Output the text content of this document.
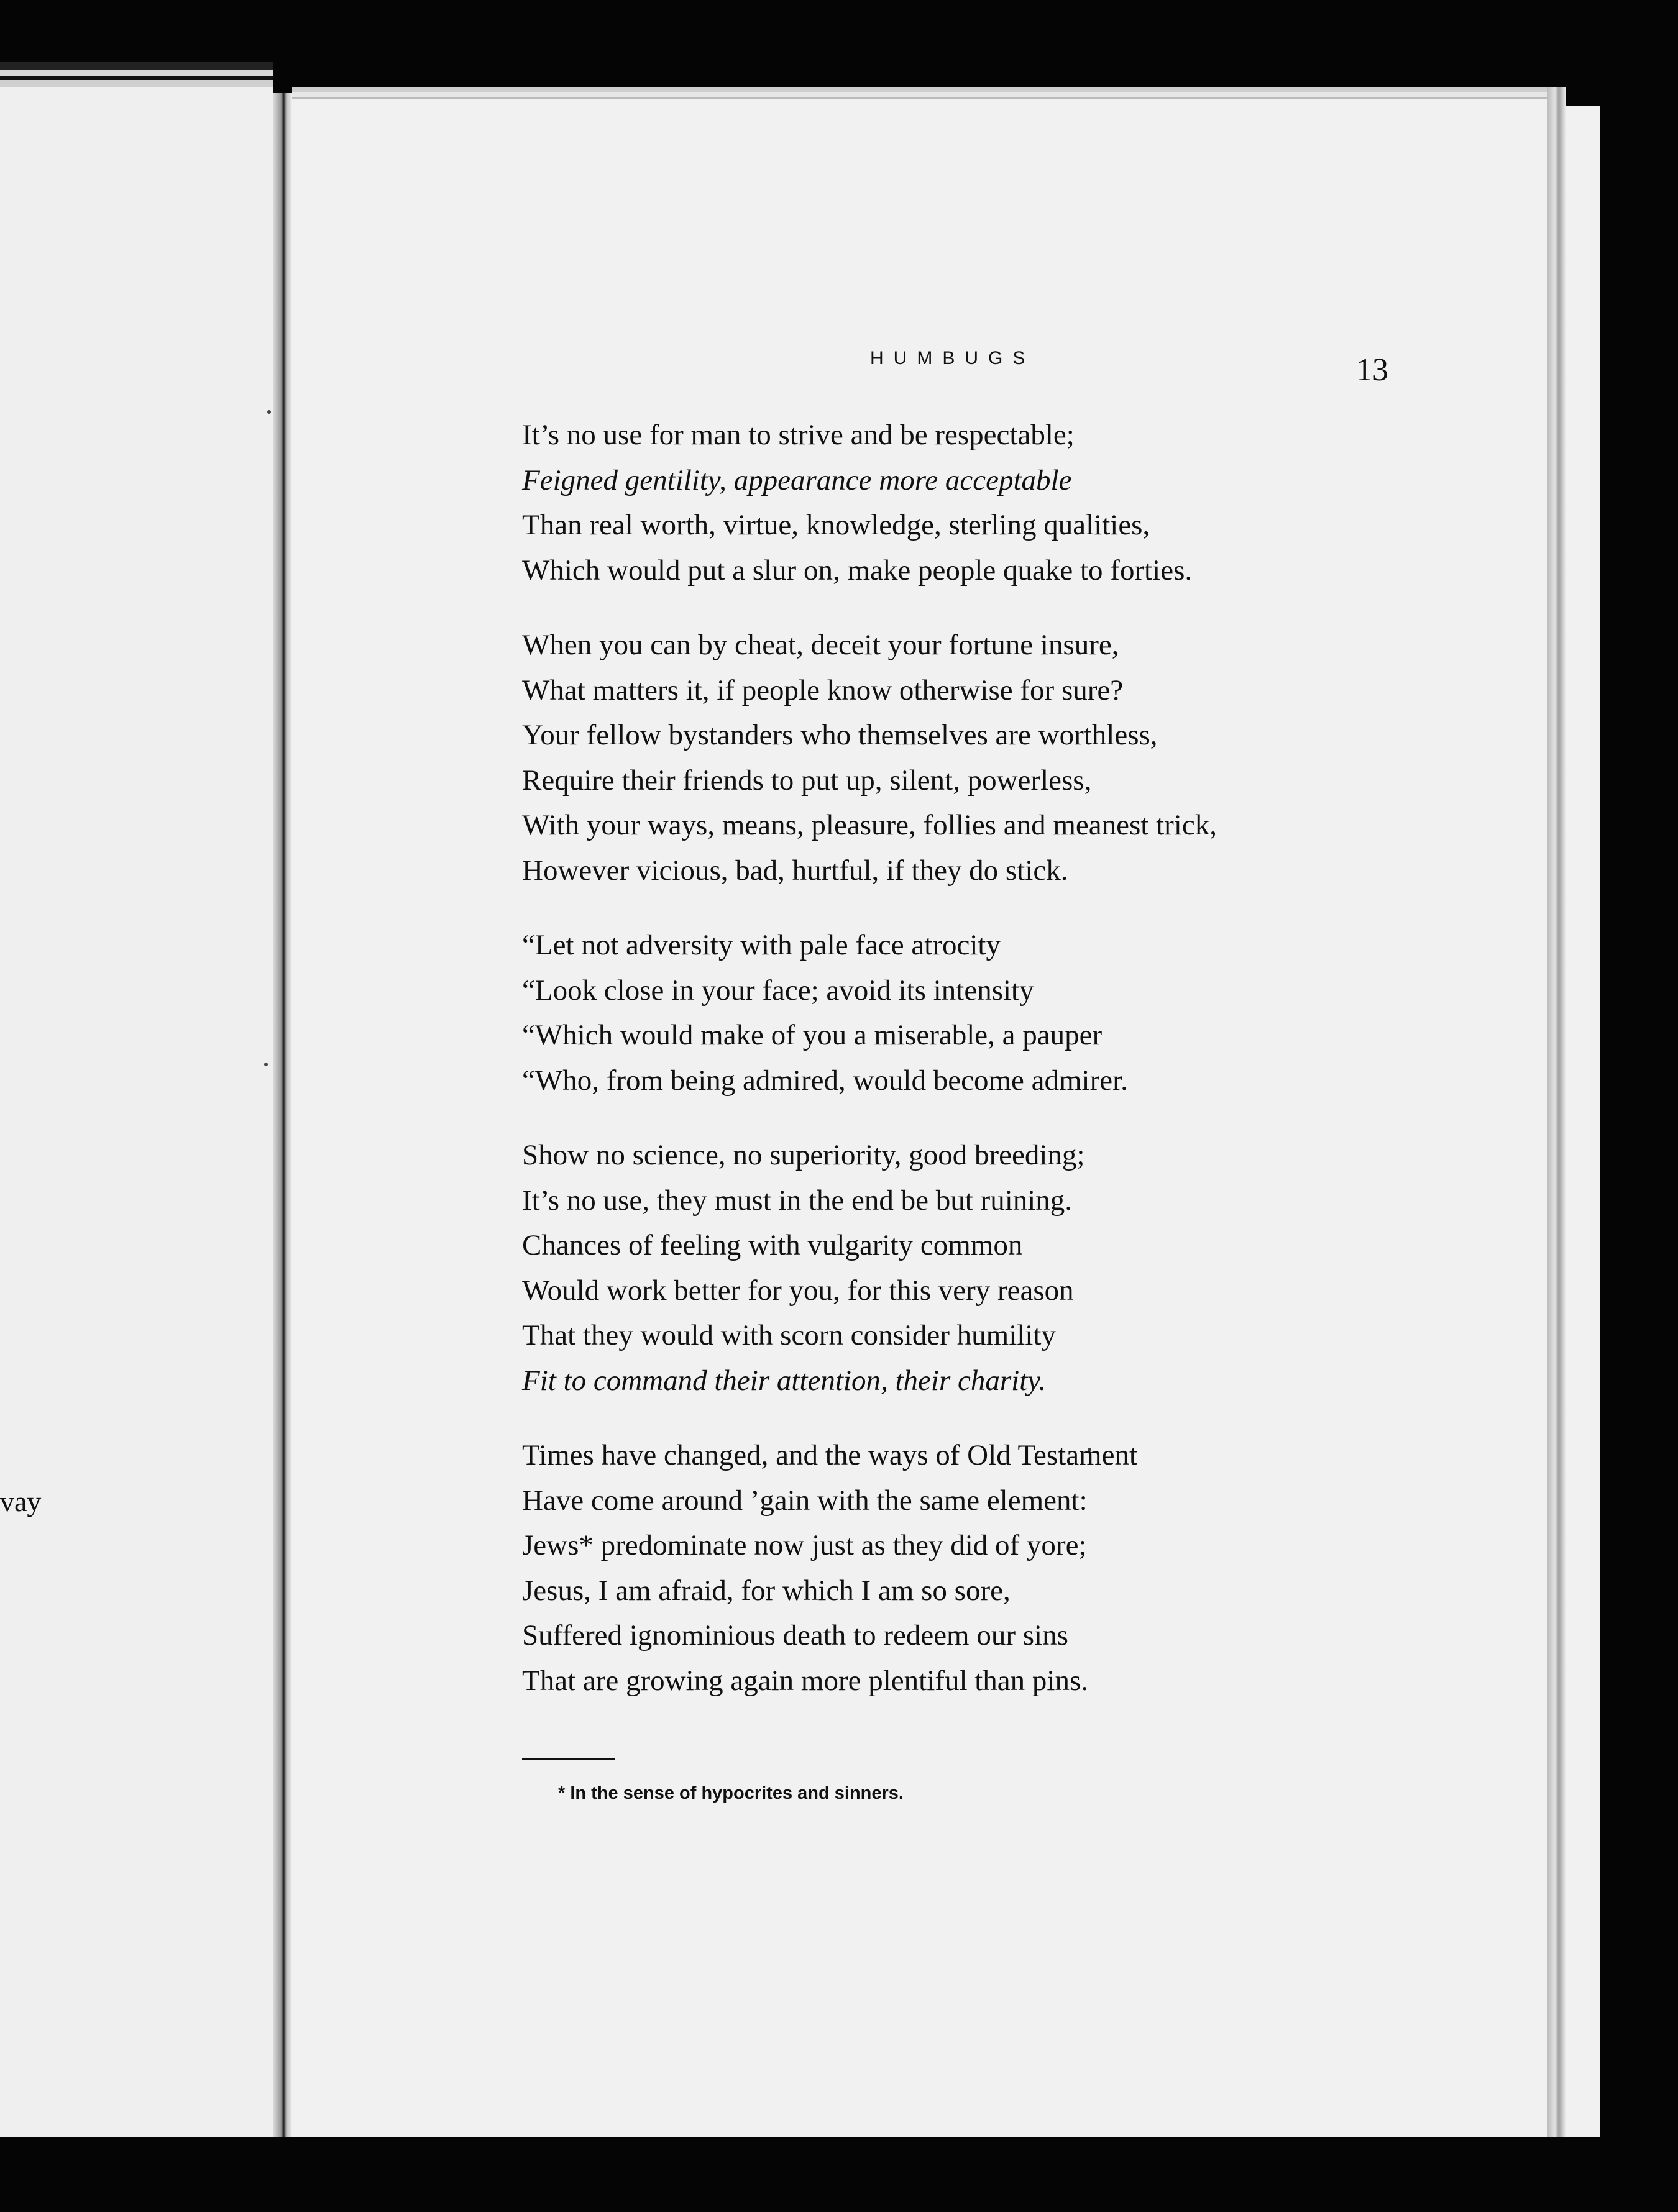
vay
HUMBUGS	13
It’s no use for man to strive and be respectable;
Feigned gentility, appearance more acceptable
Than real worth, virtue, knowledge, sterling qualities,
Which would put a slur on, make people quake to forties.
When you can by cheat, deceit your fortune insure,
What matters it, if people know otherwise for sure?
Your fellow bystanders who themselves are worthless,
Require their friends to put up, silent, powerless,
With your ways, means, pleasure, follies and meanest trick,
However vicious, bad, hurtful, if they do stick.
“Let not adversity with pale face atrocity
“Look close in your face; avoid its intensity
“Which would make of you a miserable, a pauper
“Who, from being admired, would become admirer.
Show no science, no superiority, good breeding;
It’s no use, they must in the end be but ruining.
Chances of feeling with vulgarity common
Would work better for you, for this very reason
That they would with scorn consider humility
Fit to command their attention, their charity.
Times have changed, and the ways of Old Testament
Have come around ’gain with the same element:
Jews* predominate now just as they did of yore;
Jesus, I am afraid, for which I am so sore,
Suffered ignominious death to redeem our sins
That are growing again more plentiful than pins.
* In the sense of hypocrites and sinners.
